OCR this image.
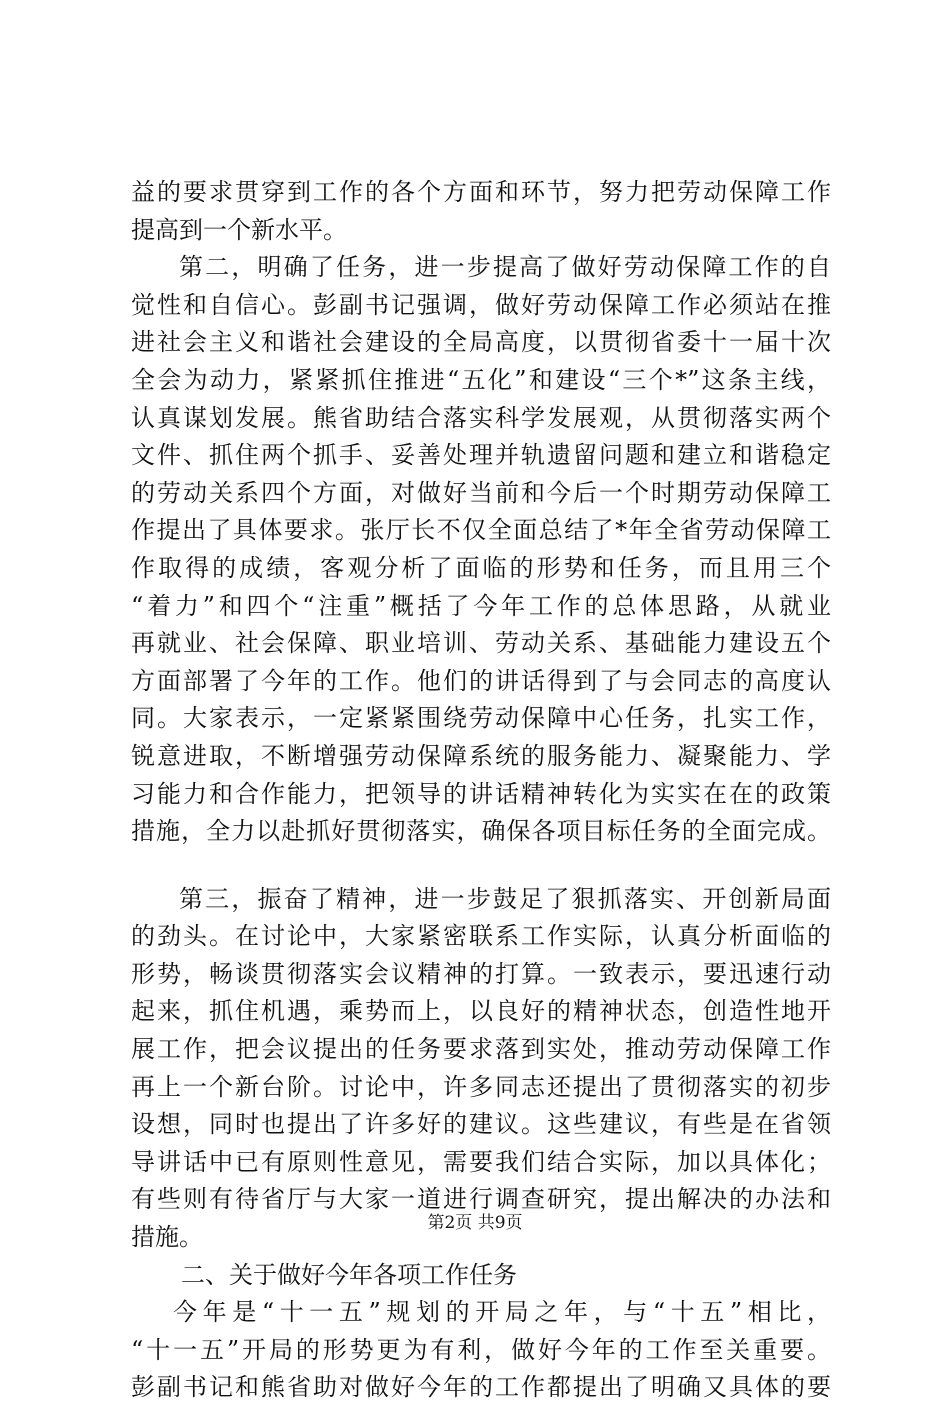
益的要求贯穿到工作的各个方面和环节，努力把劳动保障工作
提高到一个新水平。
第二，明确了任务，进一步提高了做好劳动保障工作的自
觉性和自信心。彭副书记强调，做好劳动保障工作必须站在推
进社会主义和谐社会建设的全局高度，以贯彻省委十一届十次
全会为动力，紧紧抓住推进“五化”和建设“三个*”这条主线，
认真谋划发展。熊省助结合落实科学发展观，从贯彻落实两个
文件、抓住两个抓手、妥善处理并轨遗留问题和建立和谐稳定
的劳动关系四个方面，对做好当前和今后一个时期劳动保障工
作提出了具体要求。张厅长不仅全面总结了*年全省劳动保障工
作取得的成绩，客观分析了面临的形势和任务，而且用三个
“着力”和四个“注重”概括了今年工作的总体思路，从就业
再就业、社会保障、职业培训、劳动关系、基础能力建设五个
方面部署了今年的工作。他们的讲话得到了与会同志的高度认
同。大家表示，一定紧紧围绕劳动保障中心任务，扎实工作，
锐意进取，不断增强劳动保障系统的服务能力、凝聚能力、学
习能力和合作能力，把领导的讲话精神转化为实实在在的政策
措施，全力以赴抓好贯彻落实，确保各项目标任务的全面完成。
第三，振奋了精神，进一步鼓足了狠抓落实、开创新局面
的劲头。在讨论中，大家紧密联系工作实际，认真分析面临的
形势，畅谈贯彻落实会议精神的打算。一致表示，要迅速行动
起来，抓住机遇，乘势而上，以良好的精神状态，创造性地开
展工作，把会议提出的任务要求落到实处，推动劳动保障工作
再上一个新台阶。讨论中，许多同志还提出了贯彻落实的初步
设想，同时也提出了许多好的建议。这些建议，有些是在省领
导讲话中已有原则性意见，需要我们结合实际，加以具体化；
有些则有待省厅与大家一道进行调查研究，提出解决的办法和
措施。
二、关于做好今年各项工作任务
今年是“十一五”规划的开局之年，与“十五”相比，
“十一五”开局的形势更为有利，做好今年的工作至关重要。
彭副书记和熊省助对做好今年的工作都提出了明确又具体的要
第2页 共9页
